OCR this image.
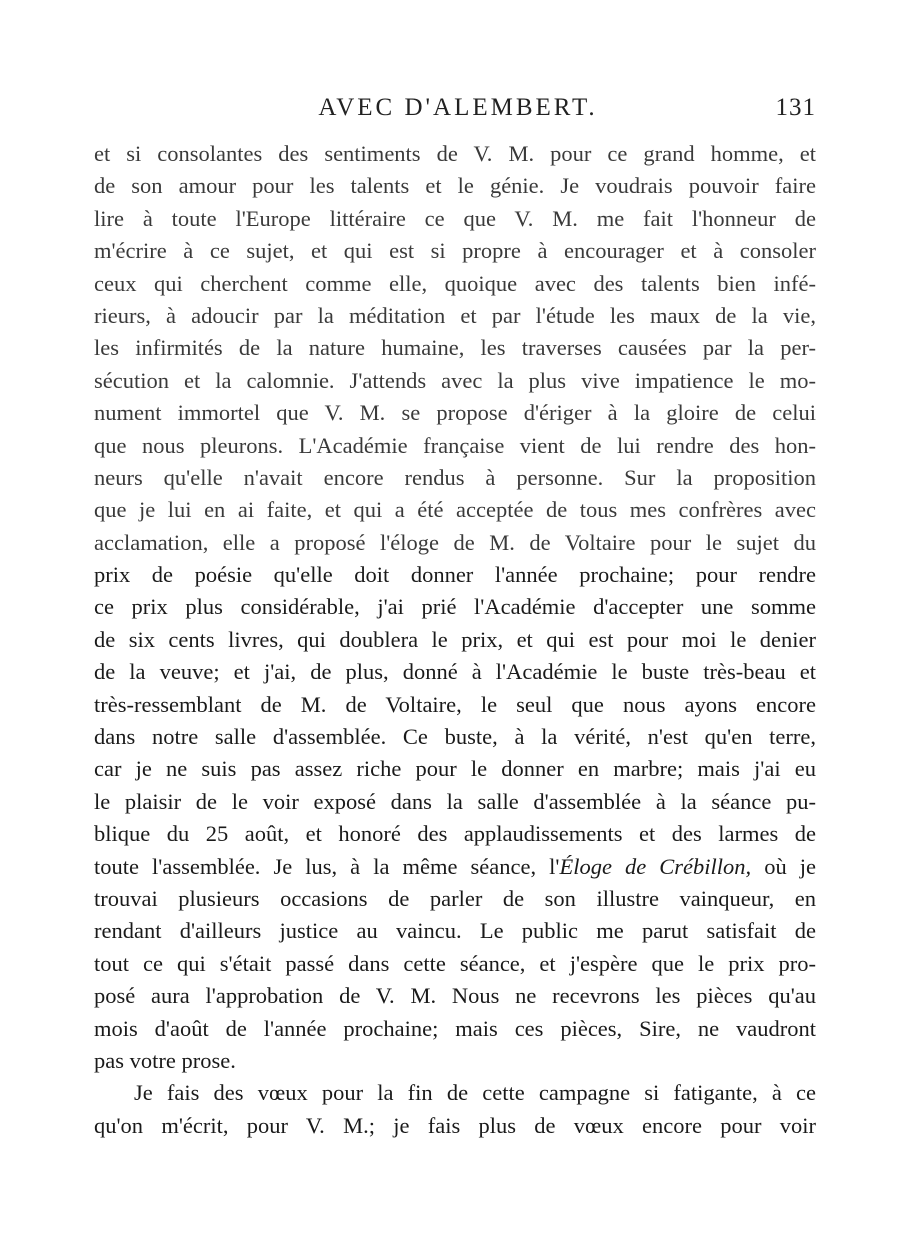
AVEC D'ALEMBERT.	131
et si consolantes des sentiments de V. M. pour ce grand homme, et
de son amour pour les talents et le génie. Je voudrais pouvoir faire
lire à toute l'Europe littéraire ce que V. M. me fait l'honneur de
m'écrire à ce sujet, et qui est si propre à encourager et à consoler
ceux qui cherchent comme elle, quoique avec des talents bien infé-
rieurs, à adoucir par la méditation et par l'étude les maux de la vie,
les infirmités de la nature humaine, les traverses causées par la per-
sécution et la calomnie. J'attends avec la plus vive impatience le mo-
nument immortel que V. M. se propose d'ériger à la gloire de celui
que nous pleurons. L'Académie française vient de lui rendre des hon-
neurs qu'elle n'avait encore rendus à personne. Sur la proposition
que je lui en ai faite, et qui a été acceptée de tous mes confrères avec
acclamation, elle a proposé l'éloge de M. de Voltaire pour le sujet du
prix de poésie qu'elle doit donner l'année prochaine; pour rendre
ce prix plus considérable, j'ai prié l'Académie d'accepter une somme
de six cents livres, qui doublera le prix, et qui est pour moi le denier
de la veuve; et j'ai, de plus, donné à l'Académie le buste très-beau et
très-ressemblant de M. de Voltaire, le seul que nous ayons encore
dans notre salle d'assemblée. Ce buste, à la vérité, n'est qu'en terre,
car je ne suis pas assez riche pour le donner en marbre; mais j'ai eu
le plaisir de le voir exposé dans la salle d'assemblée à la séance pu-
blique du 25 août, et honoré des applaudissements et des larmes de
toute l'assemblée. Je lus, à la même séance, l'Éloge de Crébillon, où je
trouvai plusieurs occasions de parler de son illustre vainqueur, en
rendant d'ailleurs justice au vaincu. Le public me parut satisfait de
tout ce qui s'était passé dans cette séance, et j'espère que le prix pro-
posé aura l'approbation de V. M. Nous ne recevrons les pièces qu'au
mois d'août de l'année prochaine; mais ces pièces, Sire, ne vaudront
pas votre prose.
Je fais des vœux pour la fin de cette campagne si fatigante, à ce
qu'on m'écrit, pour V. M.; je fais plus de vœux encore pour voir
